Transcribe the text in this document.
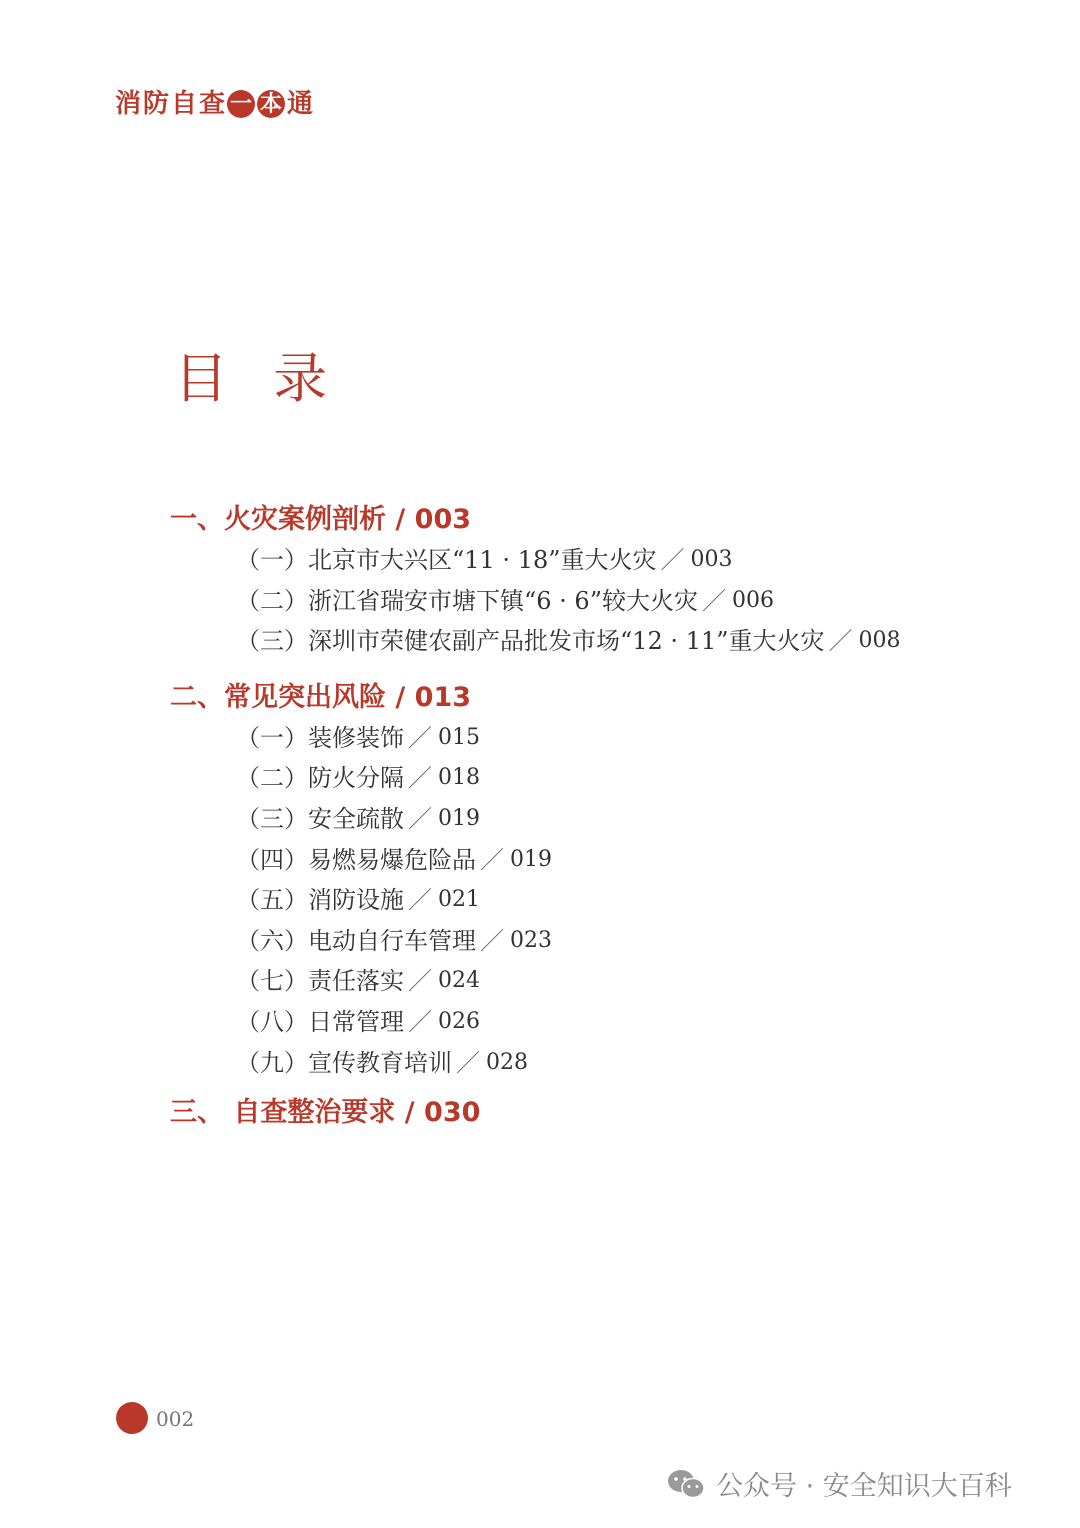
消 防 自 查 一 本 通
目 录
一、火灾案例剖析 / 003
（一） 北京市大兴区“11 · 18”重大火灾 ／ 003
（二） 浙江省瑞安市塘下镇“6 · 6”较大火灾 ／ 006
（三） 深圳市荣健农副产品批发市场“12 · 11”重大火灾 ／ 008
二、常见突出风险 / 013
（一） 装修装饰 ／ 015
（二） 防火分隔 ／ 018
（三） 安全疏散 ／ 019
（四） 易燃易爆危险品 ／ 019
（五） 消防设施 ／ 021
（六） 电动自行车管理 ／ 023
（七） 责任落实 ／ 024
（八） 日常管理 ／ 026
（九） 宣传教育培训 ／ 028
三、 自查整治要求 / 030
002
公众号 · 安全知识大百科
